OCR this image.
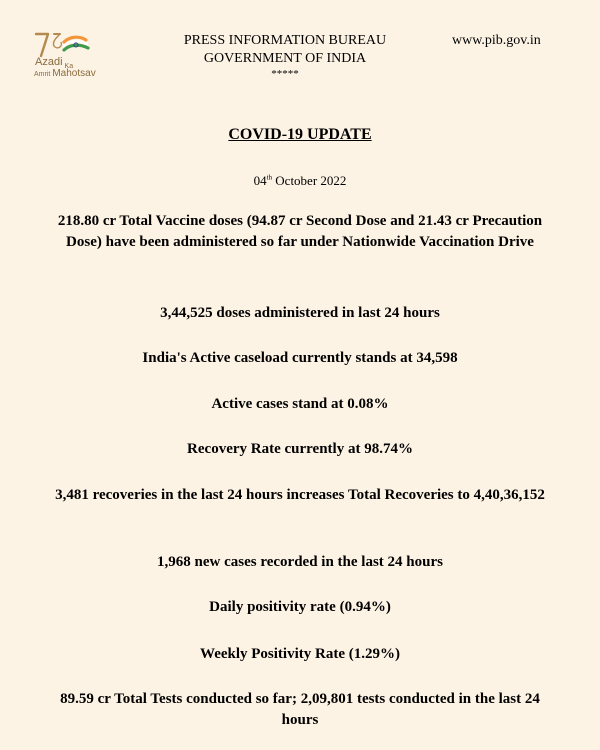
Azadi $_{Ka}$
Amrit Mahotsav
PRESS INFORMATION BUREAU
GOVERNMENT OF INDIA
*****
www.pib.gov.in
COVID-19 UPDATE
04th October 2022
218.80 cr Total Vaccine doses (94.87 cr Second Dose and 21.43 cr Precaution Dose) have been administered so far under Nationwide Vaccination Drive
3,44,525 doses administered in last 24 hours
India's Active caseload currently stands at 34,598
Active cases stand at 0.08%
Recovery Rate currently at 98.74%
3,481 recoveries in the last 24 hours increases Total Recoveries to 4,40,36,152
1,968 new cases recorded in the last 24 hours
Daily positivity rate (0.94%)
Weekly Positivity Rate (1.29%)
89.59 cr Total Tests conducted so far; 2,09,801 tests conducted in the last 24 hours
